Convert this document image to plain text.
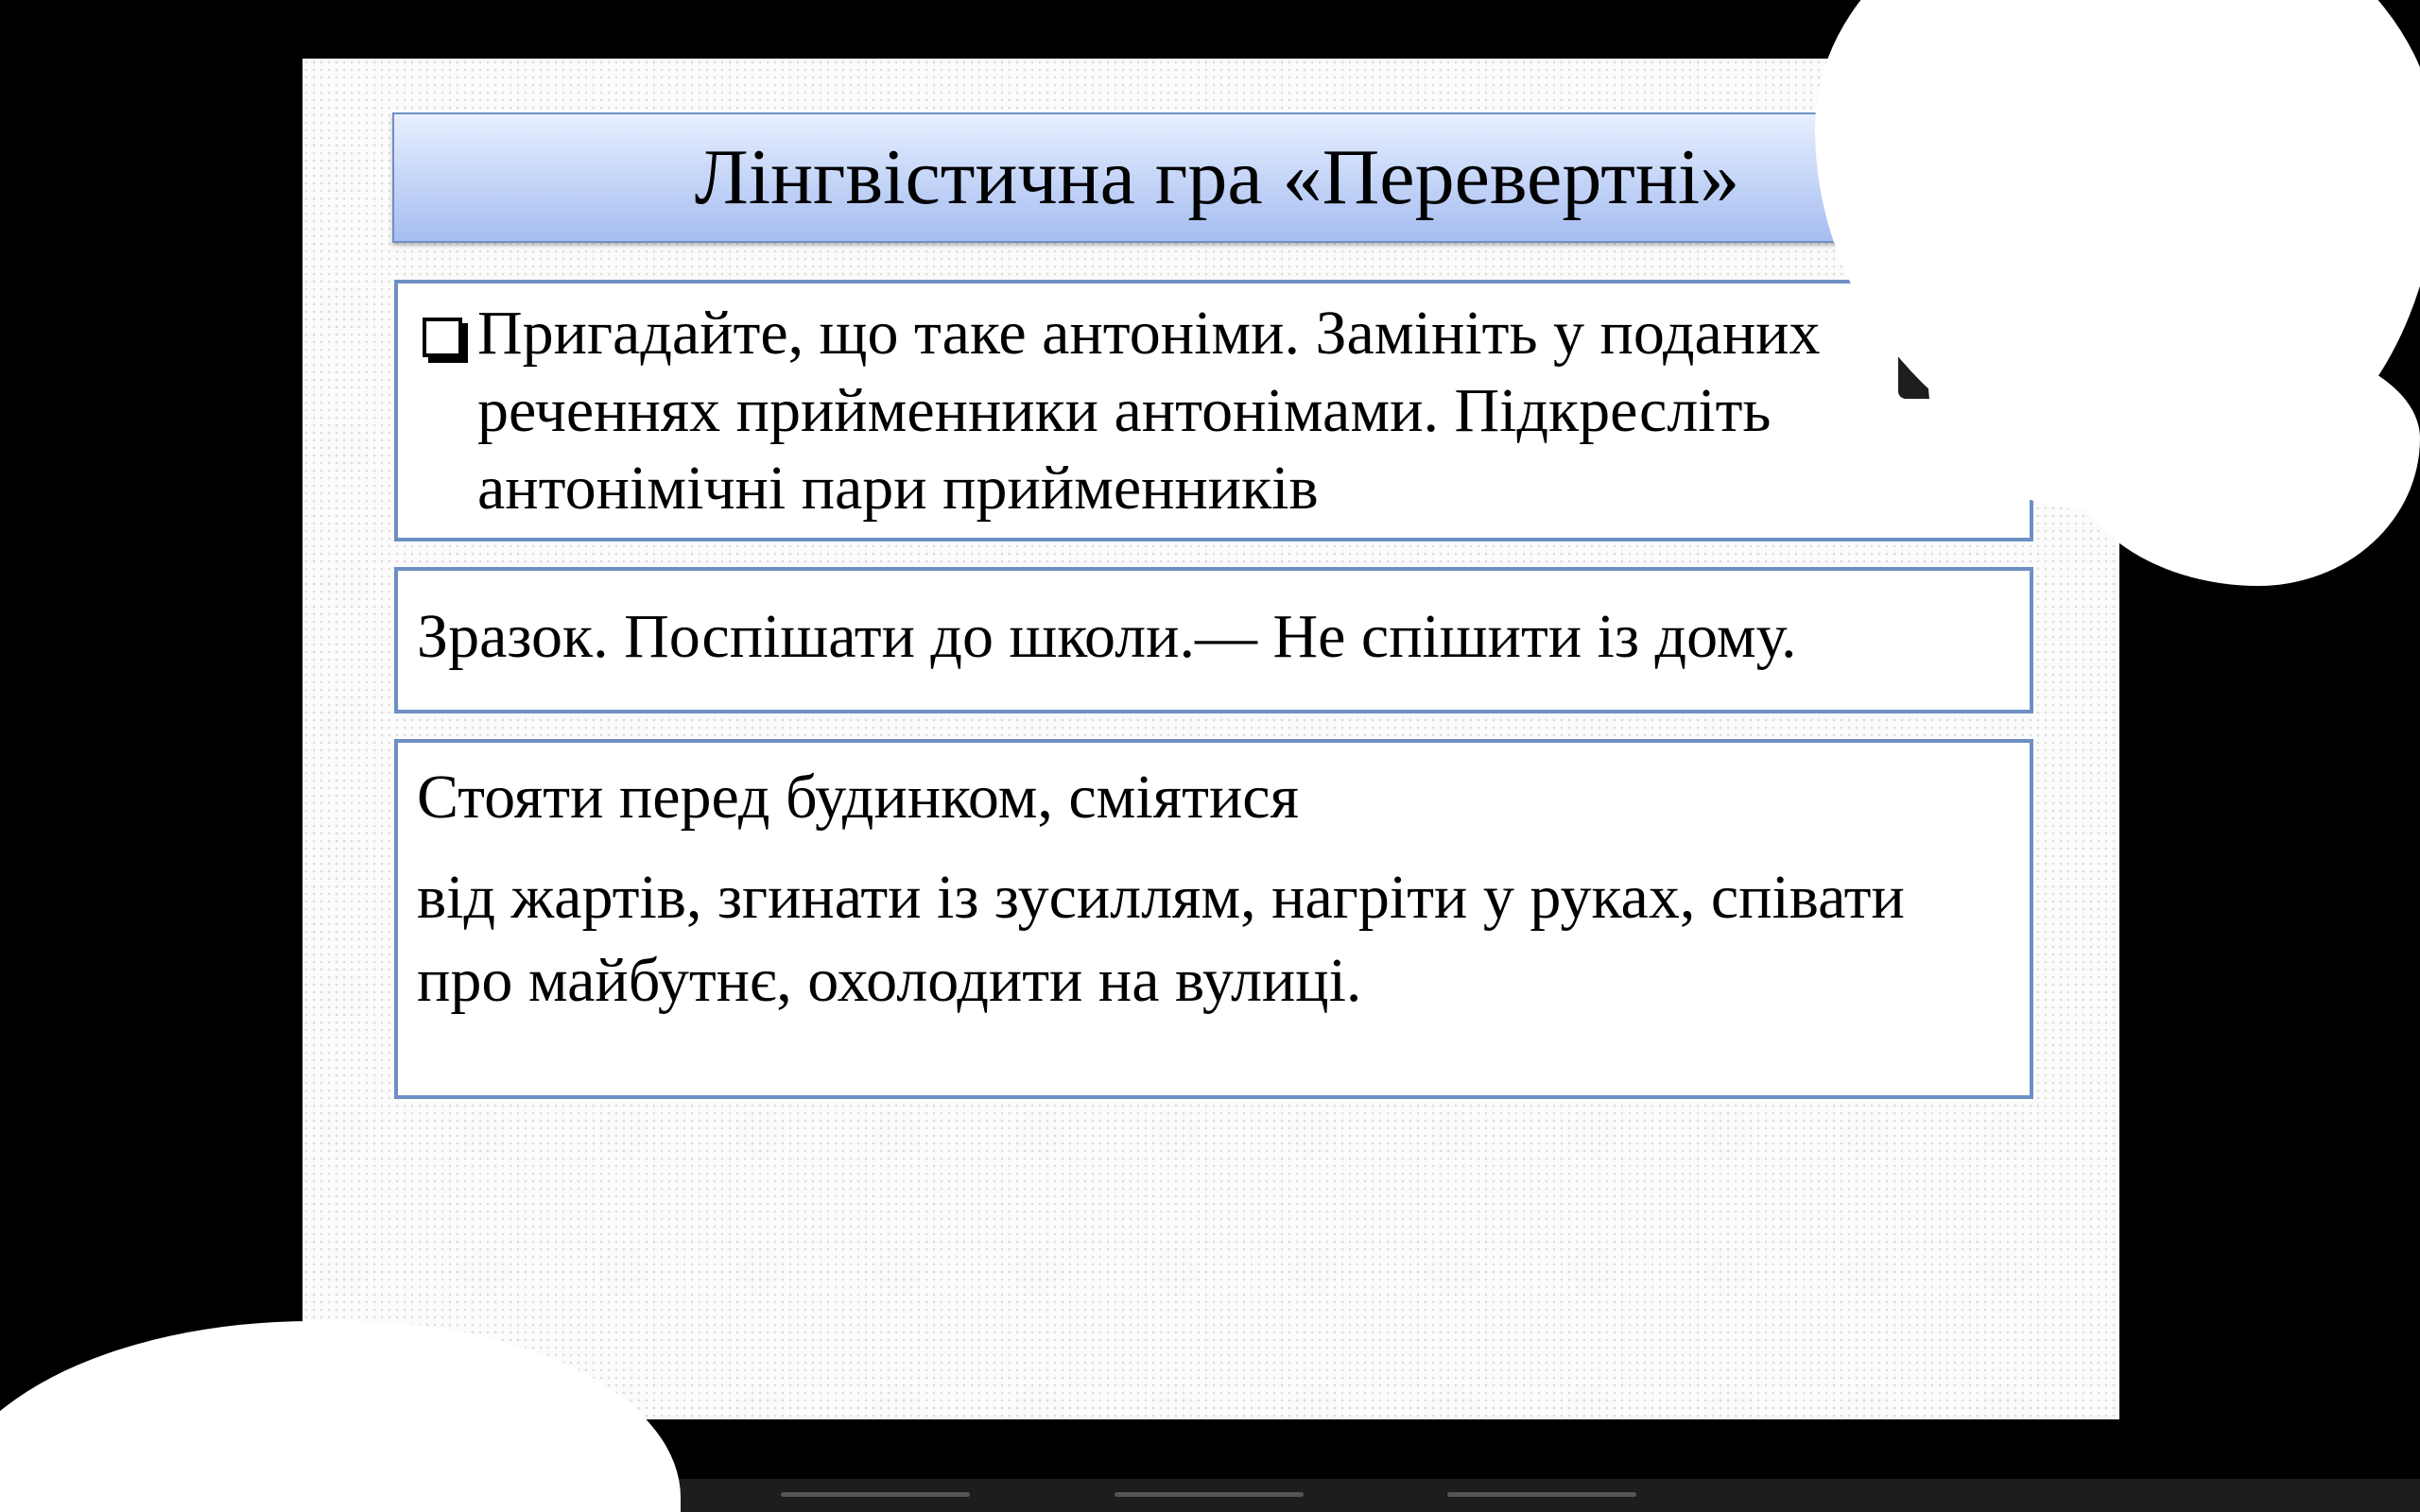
Лінгвістична гра «Перевертні»
Пригадайте, що таке антоніми. Замініть у поданих реченнях прийменники антонімами. Підкресліть антонімічні пари прийменників
Зразок. Поспішати до школи.— Не спішити із дому.
Стояти перед будинком, сміятися
від жартів, згинати із зусиллям, нагріти у руках, співати про майбутнє, охолодити на вулиці.
